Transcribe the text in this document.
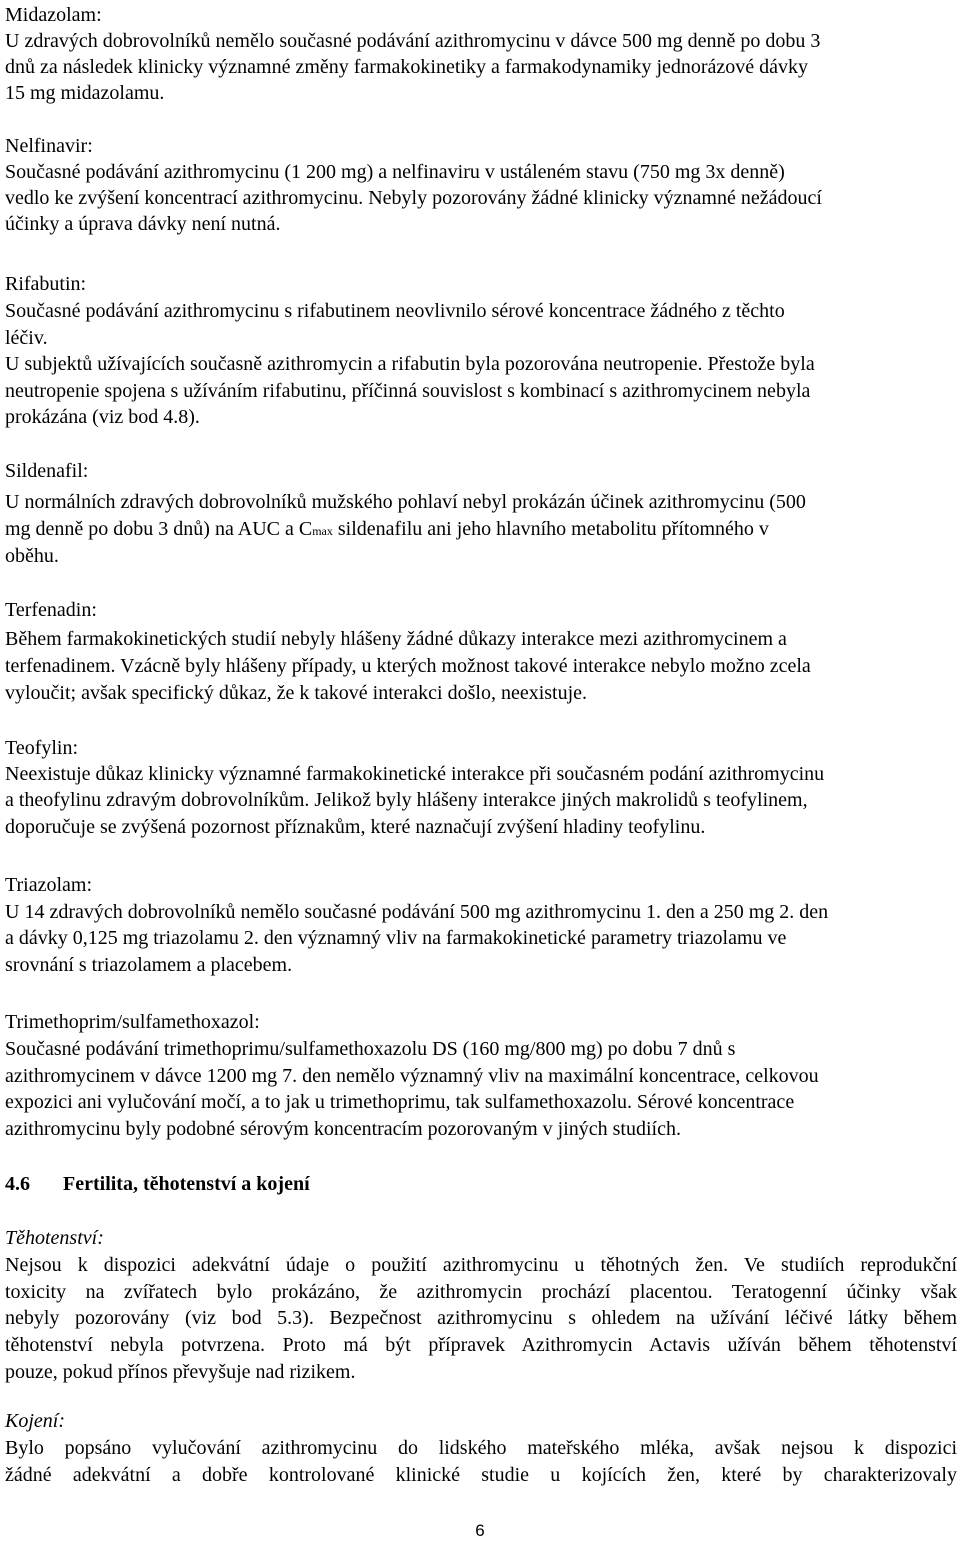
Midazolam:
U zdravých dobrovolníků nemělo současné podávání azithromycinu v dávce 500 mg denně po dobu 3
dnů za následek klinicky významné změny farmakokinetiky a farmakodynamiky jednorázové dávky
15 mg midazolamu.
Nelfinavir:
Současné podávání azithromycinu (1 200 mg) a nelfinaviru v ustáleném stavu (750 mg 3x denně)
vedlo ke zvýšení koncentrací azithromycinu. Nebyly pozorovány žádné klinicky významné nežádoucí
účinky a úprava dávky není nutná.
Rifabutin:
Současné podávání azithromycinu s rifabutinem neovlivnilo sérové koncentrace žádného z těchto
léčiv.
U subjektů užívajících současně azithromycin a rifabutin byla pozorována neutropenie. Přestože byla
neutropenie spojena s užíváním rifabutinu, příčinná souvislost s kombinací s azithromycinem nebyla
prokázána (viz bod 4.8).
Sildenafil:
U normálních zdravých dobrovolníků mužského pohlaví nebyl prokázán účinek azithromycinu (500
mg denně po dobu 3 dnů) na AUC a Cmax sildenafilu ani jeho hlavního metabolitu přítomného v
oběhu.
Terfenadin:
Během farmakokinetických studií nebyly hlášeny žádné důkazy interakce mezi azithromycinem a
terfenadinem. Vzácně byly hlášeny případy, u kterých možnost takové interakce nebylo možno zcela
vyloučit; avšak specifický důkaz, že k takové interakci došlo, neexistuje.
Teofylin:
Neexistuje důkaz klinicky významné farmakokinetické interakce při současném podání azithromycinu
a theofylinu zdravým dobrovolníkům. Jelikož byly hlášeny interakce jiných makrolidů s teofylinem,
doporučuje se zvýšená pozornost příznakům, které naznačují zvýšení hladiny teofylinu.
Triazolam:
U 14 zdravých dobrovolníků nemělo současné podávání 500 mg azithromycinu 1. den a 250 mg 2. den
a dávky 0,125 mg triazolamu 2. den významný vliv na farmakokinetické parametry triazolamu ve
srovnání s triazolamem a placebem.
Trimethoprim/sulfamethoxazol:
Současné podávání trimethoprimu/sulfamethoxazolu DS (160 mg/800 mg) po dobu 7 dnů s
azithromycinem v dávce 1200 mg 7. den nemělo významný vliv na maximální koncentrace, celkovou
expozici ani vylučování močí, a to jak u trimethoprimu, tak sulfamethoxazolu. Sérové koncentrace
azithromycinu byly podobné sérovým koncentracím pozorovaným v jiných studiích.
4.6 Fertilita, těhotenství a kojení
Těhotenství:
Nejsou k dispozici adekvátní údaje o použití azithromycinu u těhotných žen. Ve studiích reprodukční
toxicity na zvířatech bylo prokázáno, že azithromycin prochází placentou. Teratogenní účinky však
nebyly pozorovány (viz bod 5.3). Bezpečnost azithromycinu s ohledem na užívání léčivé látky během
těhotenství nebyla potvrzena. Proto má být přípravek Azithromycin Actavis užíván během těhotenství
pouze, pokud přínos převyšuje nad rizikem.
Kojení:
Bylo popsáno vylučování azithromycinu do lidského mateřského mléka, avšak nejsou k dispozici
žádné adekvátní a dobře kontrolované klinické studie u kojících žen, které by charakterizovaly
6
